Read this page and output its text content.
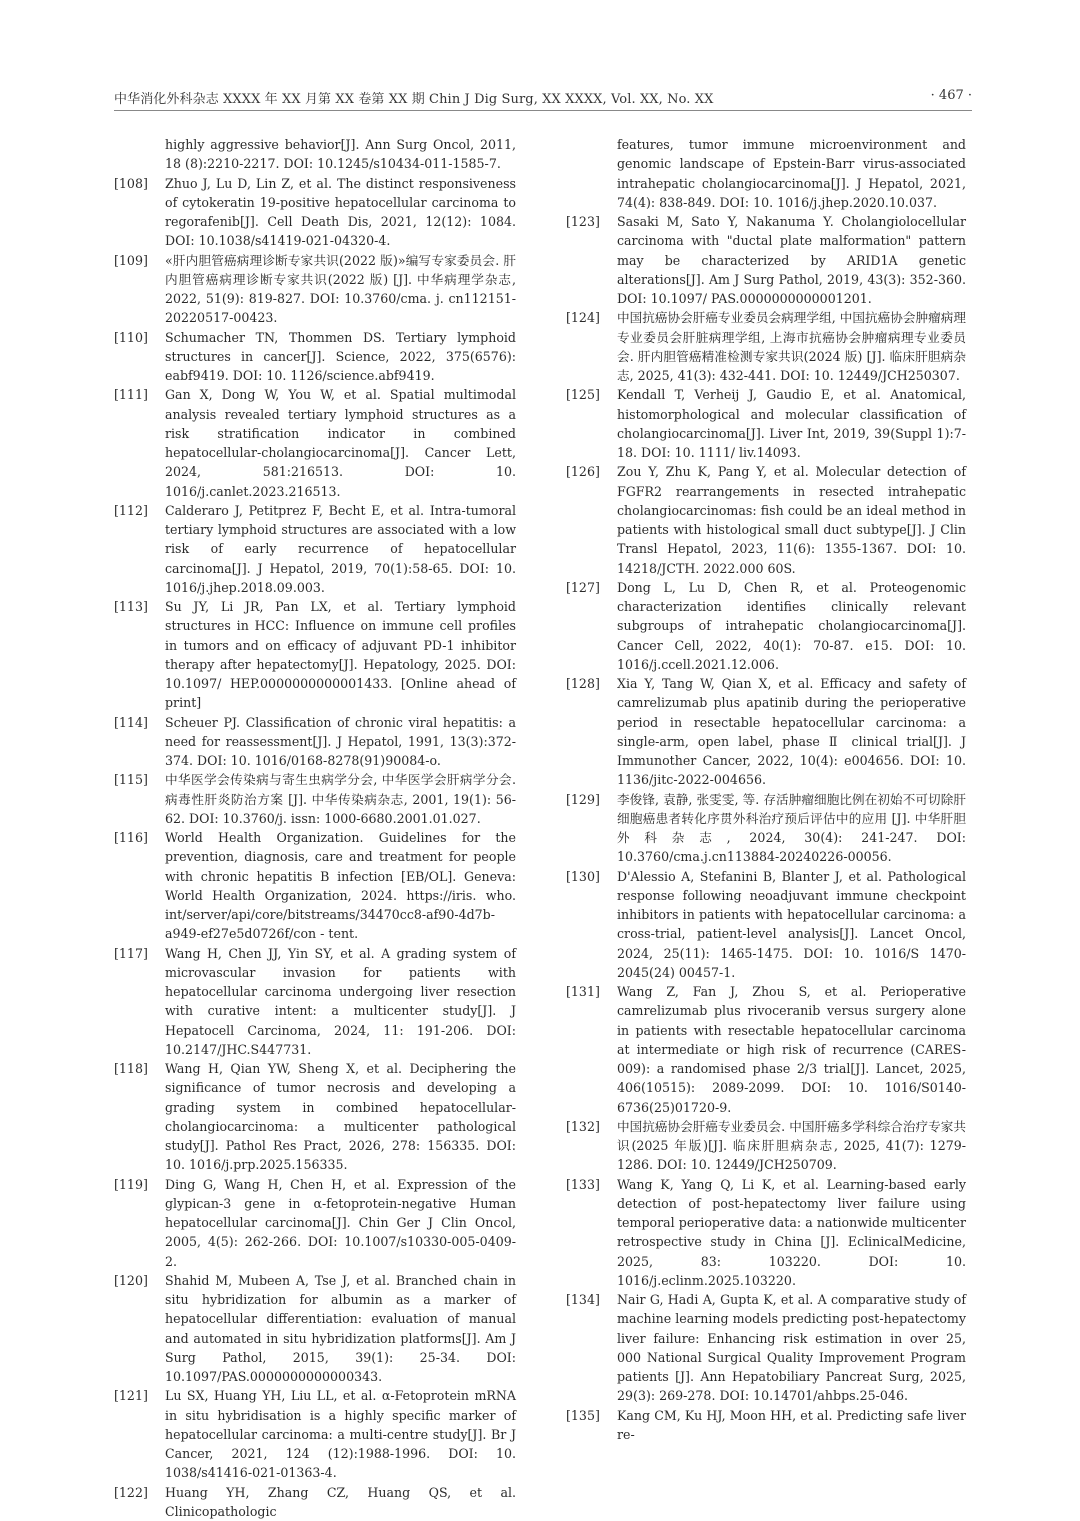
中华消化外科杂志 XXXX 年 XX 月第 XX 卷第 XX 期 Chin J Dig Surg, XX XXXX, Vol. XX, No. XX	· 467 ·
highly aggressive behavior[J]. Ann Surg Oncol, 2011, 18 (8):2210-2217. DOI: 10.1245/s10434-011-1585-7.
[108] Zhuo J, Lu D, Lin Z, et al. The distinct responsiveness of cytokeratin 19-positive hepatocellular carcinoma to regorafenib[J]. Cell Death Dis, 2021, 12(12): 1084. DOI: 10.1038/s41419-021-04320-4.
[109] «肝内胆管癌病理诊断专家共识(2022 版)»编写专家委员会. 肝内胆管癌病理诊断专家共识(2022 版) [J]. 中华病理学杂志, 2022, 51(9): 819-827. DOI: 10.3760/cma. j. cn112151-20220517-00423.
[110] Schumacher TN, Thommen DS. Tertiary lymphoid structures in cancer[J]. Science, 2022, 375(6576): eabf9419. DOI: 10. 1126/science.abf9419.
[111] Gan X, Dong W, You W, et al. Spatial multimodal analysis revealed tertiary lymphoid structures as a risk stratification indicator in combined hepatocellular-cholangiocarcinoma[J]. Cancer Lett, 2024, 581:216513. DOI: 10. 1016/j.canlet.2023.216513.
[112] Calderaro J, Petitprez F, Becht E, et al. Intra-tumoral tertiary lymphoid structures are associated with a low risk of early recurrence of hepatocellular carcinoma[J]. J Hepatol, 2019, 70(1):58-65. DOI: 10. 1016/j.jhep.2018.09.003.
[113] Su JY, Li JR, Pan LX, et al. Tertiary lymphoid structures in HCC: Influence on immune cell profiles in tumors and on efficacy of adjuvant PD-1 inhibitor therapy after hepatectomy[J]. Hepatology, 2025. DOI: 10.1097/ HEP.0000000000001433. [Online ahead of print]
[114] Scheuer PJ. Classification of chronic viral hepatitis: a need for reassessment[J]. J Hepatol, 1991, 13(3):372-374. DOI: 10. 1016/0168-8278(91)90084-o.
[115] 中华医学会传染病与寄生虫病学分会, 中华医学会肝病学分会. 病毒性肝炎防治方案 [J]. 中华传染病杂志, 2001, 19(1): 56-62. DOI: 10.3760/j. issn: 1000-6680.2001.01.027.
[116] World Health Organization. Guidelines for the prevention, diagnosis, care and treatment for people with chronic hepatitis B infection [EB/OL]. Geneva: World Health Organization, 2024. https://iris. who. int/server/api/core/bitstreams/34470cc8-af90-4d7b-a949-ef27e5d0726f/con - tent.
[117] Wang H, Chen JJ, Yin SY, et al. A grading system of microvascular invasion for patients with hepatocellular carcinoma undergoing liver resection with curative intent: a multicenter study[J]. J Hepatocell Carcinoma, 2024, 11: 191-206. DOI: 10.2147/JHC.S447731.
[118] Wang H, Qian YW, Sheng X, et al. Deciphering the significance of tumor necrosis and developing a grading system in combined hepatocellular-cholangiocarcinoma: a multicenter pathological study[J]. Pathol Res Pract, 2026, 278: 156335. DOI: 10. 1016/j.prp.2025.156335.
[119] Ding G, Wang H, Chen H, et al. Expression of the glypican-3 gene in α-fetoprotein-negative Human hepatocellular carcinoma[J]. Chin Ger J Clin Oncol, 2005, 4(5): 262-266. DOI: 10.1007/s10330-005-0409-2.
[120] Shahid M, Mubeen A, Tse J, et al. Branched chain in situ hybridization for albumin as a marker of hepatocellular differentiation: evaluation of manual and automated in situ hybridization platforms[J]. Am J Surg Pathol, 2015, 39(1): 25-34. DOI: 10.1097/PAS.0000000000000343.
[121] Lu SX, Huang YH, Liu LL, et al. α-Fetoprotein mRNA in situ hybridisation is a highly specific marker of hepatocellular carcinoma: a multi-centre study[J]. Br J Cancer, 2021, 124 (12):1988-1996. DOI: 10. 1038/s41416-021-01363-4.
[122] Huang YH, Zhang CZ, Huang QS, et al. Clinicopathologic
features, tumor immune microenvironment and genomic landscape of Epstein-Barr virus-associated intrahepatic cholangiocarcinoma[J]. J Hepatol, 2021, 74(4): 838-849. DOI: 10. 1016/j.jhep.2020.10.037.
[123] Sasaki M, Sato Y, Nakanuma Y. Cholangiolocellular carcinoma with "ductal plate malformation" pattern may be characterized by ARID1A genetic alterations[J]. Am J Surg Pathol, 2019, 43(3): 352-360. DOI: 10.1097/ PAS.0000000000001201.
[124] 中国抗癌协会肝癌专业委员会病理学组, 中国抗癌协会肿瘤病理专业委员会肝脏病理学组, 上海市抗癌协会肿瘤病理专业委员会. 肝内胆管癌精准检测专家共识(2024 版) [J]. 临床肝胆病杂志, 2025, 41(3): 432-441. DOI: 10. 12449/JCH250307.
[125] Kendall T, Verheij J, Gaudio E, et al. Anatomical, histomorphological and molecular classification of cholangiocarcinoma[J]. Liver Int, 2019, 39(Suppl 1):7-18. DOI: 10. 1111/ liv.14093.
[126] Zou Y, Zhu K, Pang Y, et al. Molecular detection of FGFR2 rearrangements in resected intrahepatic cholangiocarcinomas: fish could be an ideal method in patients with histological small duct subtype[J]. J Clin Transl Hepatol, 2023, 11(6): 1355-1367. DOI: 10. 14218/JCTH. 2022.000 60S.
[127] Dong L, Lu D, Chen R, et al. Proteogenomic characterization identifies clinically relevant subgroups of intrahepatic cholangiocarcinoma[J]. Cancer Cell, 2022, 40(1): 70-87. e15. DOI: 10. 1016/j.ccell.2021.12.006.
[128] Xia Y, Tang W, Qian X, et al. Efficacy and safety of camrelizumab plus apatinib during the perioperative period in resectable hepatocellular carcinoma: a single-arm, open label, phase Ⅱ clinical trial[J]. J Immunother Cancer, 2022, 10(4): e004656. DOI: 10. 1136/jitc-2022-004656.
[129] 李俊锋, 袁静, 张雯雯, 等. 存活肿瘤细胞比例在初始不可切除肝细胞癌患者转化序贯外科治疗预后评估中的应用 [J]. 中华肝胆外科杂志, 2024, 30(4): 241-247. DOI: 10.3760/cma.j.cn113884-20240226-00056.
[130] D'Alessio A, Stefanini B, Blanter J, et al. Pathological response following neoadjuvant immune checkpoint inhibitors in patients with hepatocellular carcinoma: a cross-trial, patient-level analysis[J]. Lancet Oncol, 2024, 25(11): 1465-1475. DOI: 10. 1016/S 1470-2045(24) 00457-1.
[131] Wang Z, Fan J, Zhou S, et al. Perioperative camrelizumab plus rivoceranib versus surgery alone in patients with resectable hepatocellular carcinoma at intermediate or high risk of recurrence (CARES-009): a randomised phase 2/3 trial[J]. Lancet, 2025, 406(10515): 2089-2099. DOI: 10. 1016/S0140-6736(25)01720-9.
[132] 中国抗癌协会肝癌专业委员会. 中国肝癌多学科综合治疗专家共识(2025 年版)[J]. 临床肝胆病杂志, 2025, 41(7): 1279-1286. DOI: 10. 12449/JCH250709.
[133] Wang K, Yang Q, Li K, et al. Learning-based early detection of post-hepatectomy liver failure using temporal perioperative data: a nationwide multicenter retrospective study in China [J]. EclinicalMedicine, 2025, 83: 103220. DOI: 10. 1016/j.eclinm.2025.103220.
[134] Nair G, Hadi A, Gupta K, et al. A comparative study of machine learning models predicting post-hepatectomy liver failure: Enhancing risk estimation in over 25, 000 National Surgical Quality Improvement Program patients [J]. Ann Hepatobiliary Pancreat Surg, 2025, 29(3): 269-278. DOI: 10.14701/ahbps.25-046.
[135] Kang CM, Ku HJ, Moon HH, et al. Predicting safe liver re-
